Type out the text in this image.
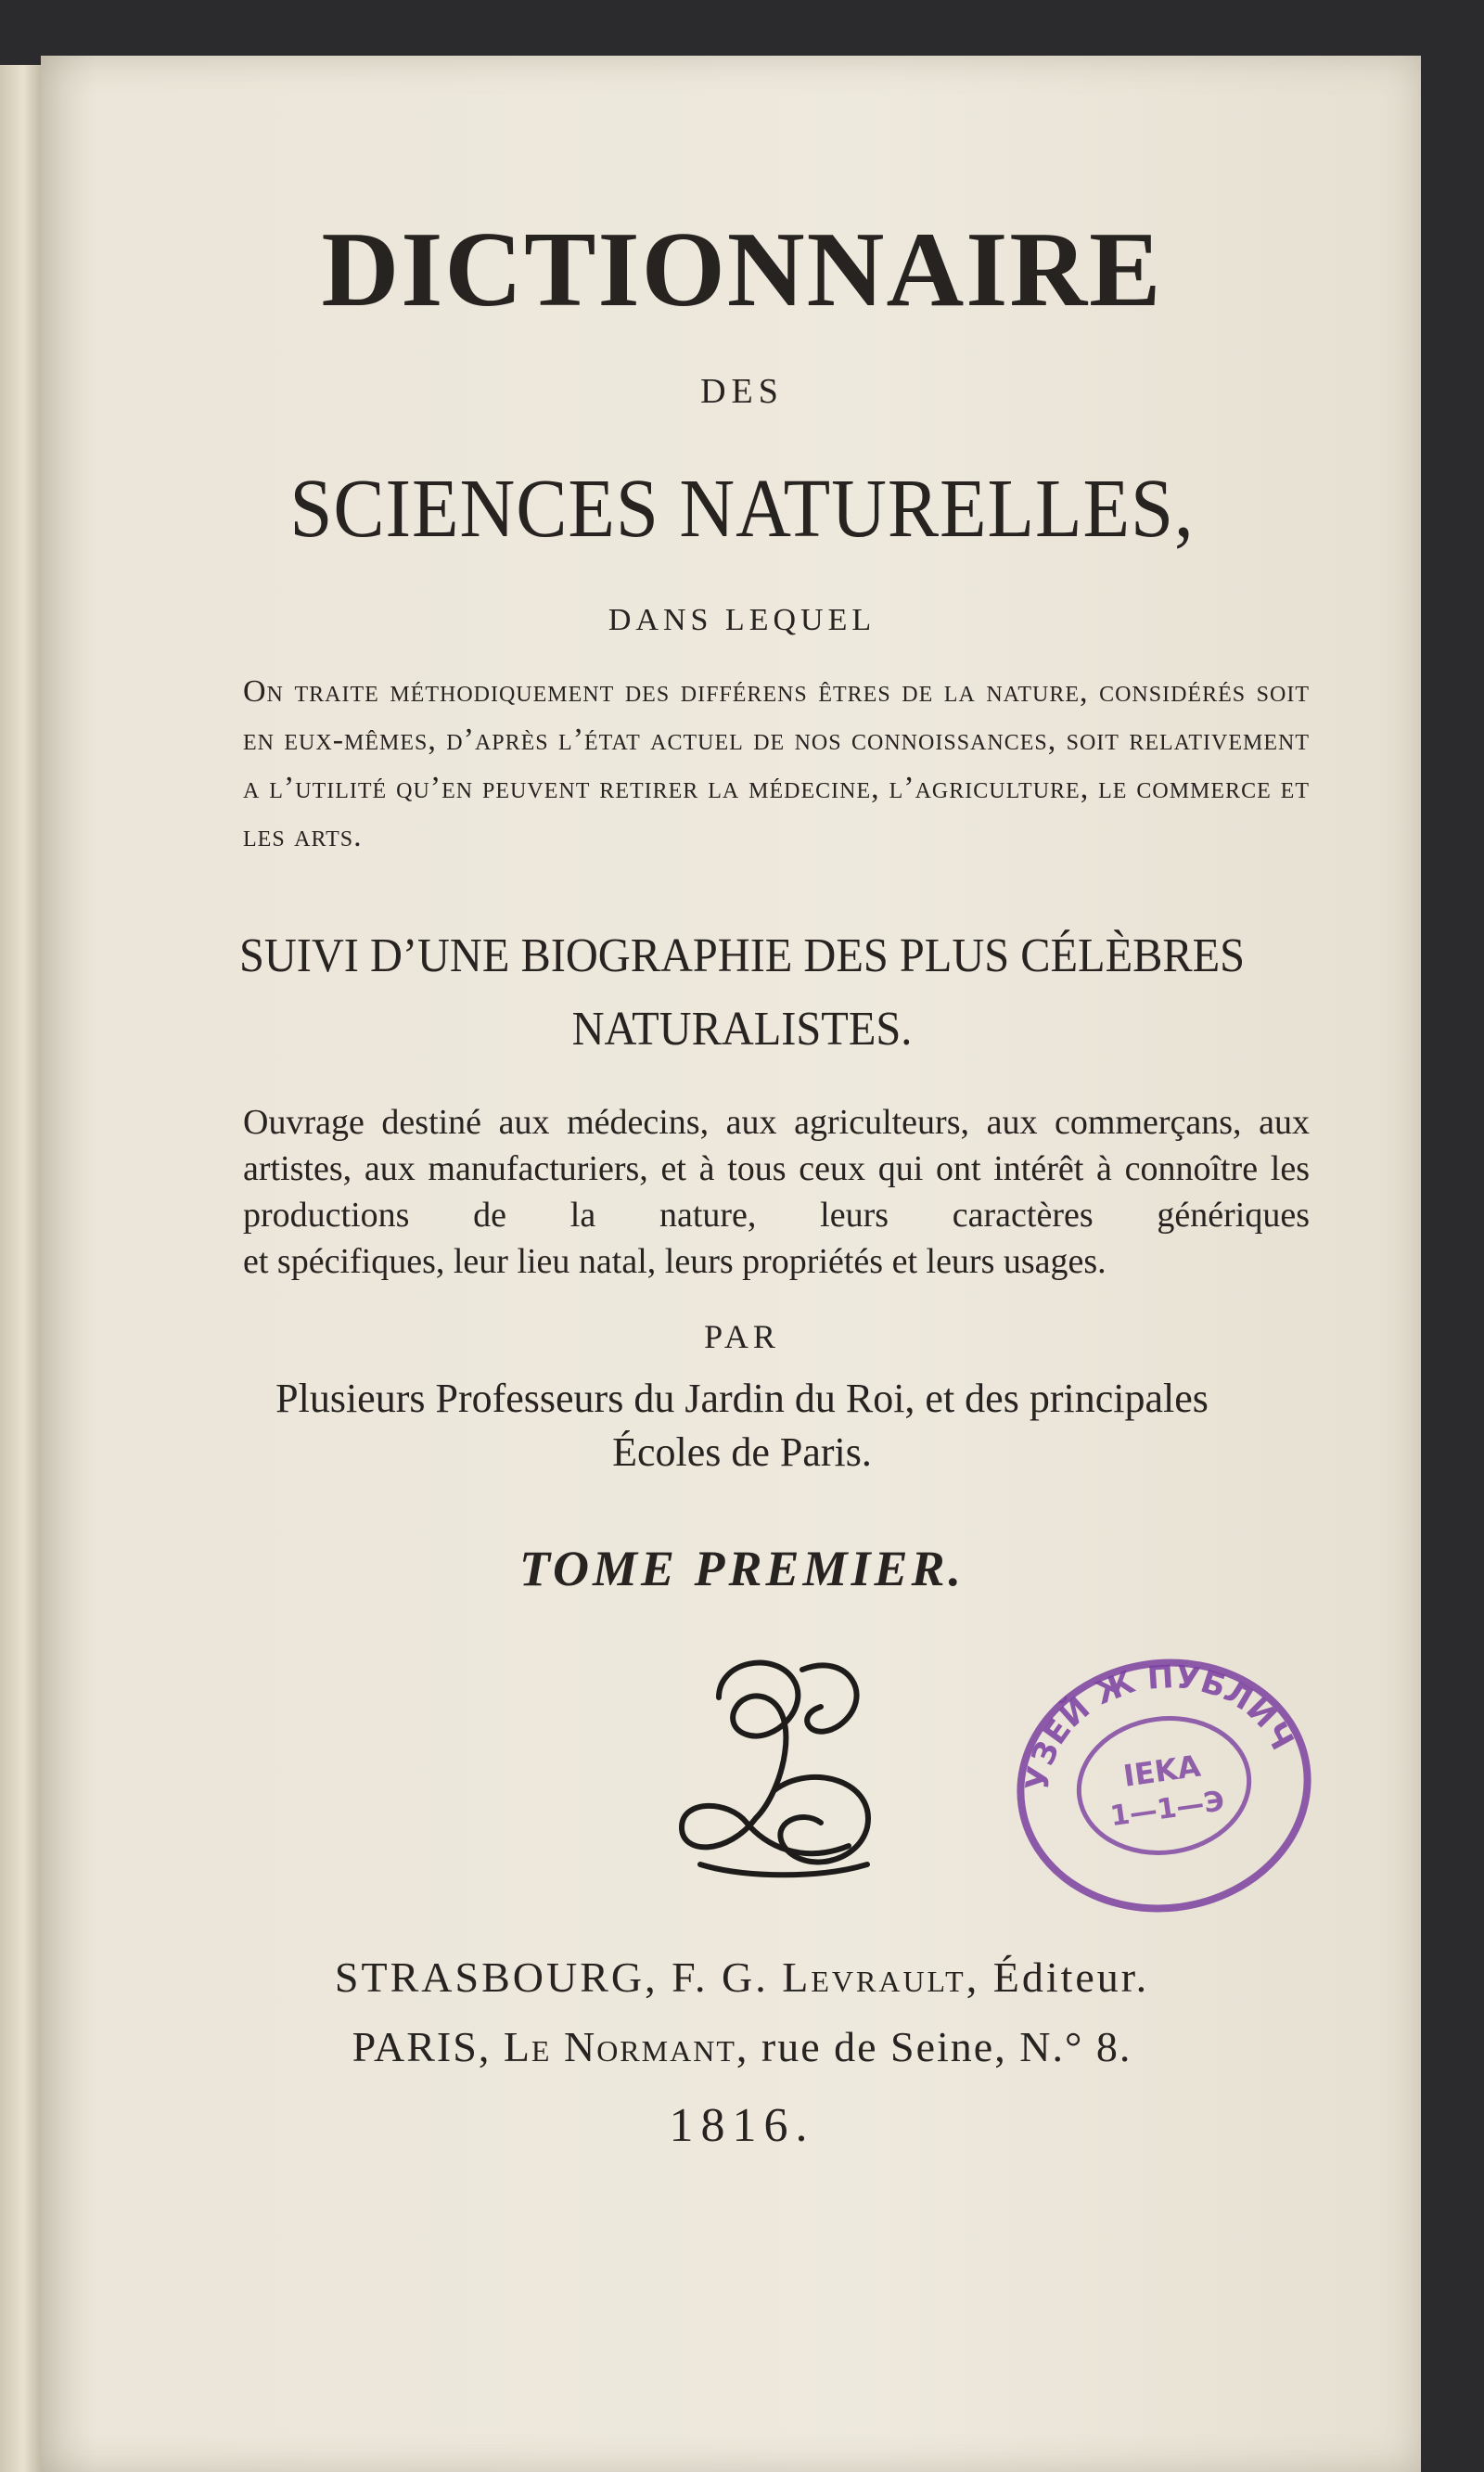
DICTIONNAIRE
DES
SCIENCES NATURELLES,
DANS LEQUEL
On traite méthodiquement des différens êtres de la nature, considérés soit en eux-mêmes, d’après l’état actuel de nos connoissances, soit relativement a l’utilité qu’en peuvent retirer la médecine, l’agriculture, le commerce et les arts.
SUIVI D’UNE BIOGRAPHIE DES PLUS CÉLÈBRES
NATURALISTES.
Ouvrage destiné aux médecins, aux agriculteurs, aux commerçans, aux artistes, aux manufacturiers, et à tous ceux qui ont intérêt à connoître les productions de la nature, leurs caractères génériques
et spécifiques, leur lieu natal, leurs propriétés et leurs usages.
PAR
Plusieurs Professeurs du Jardin du Roi, et des principales
Écoles de Paris.
TOME PREMIER.
УЗЕЙ Ж ПУБЛИЧ
IEKA
1—1—Э
STRASBOURG, F. G. Levrault, Éditeur.
PARIS, Le Normant, rue de Seine, N.° 8.
1816.
